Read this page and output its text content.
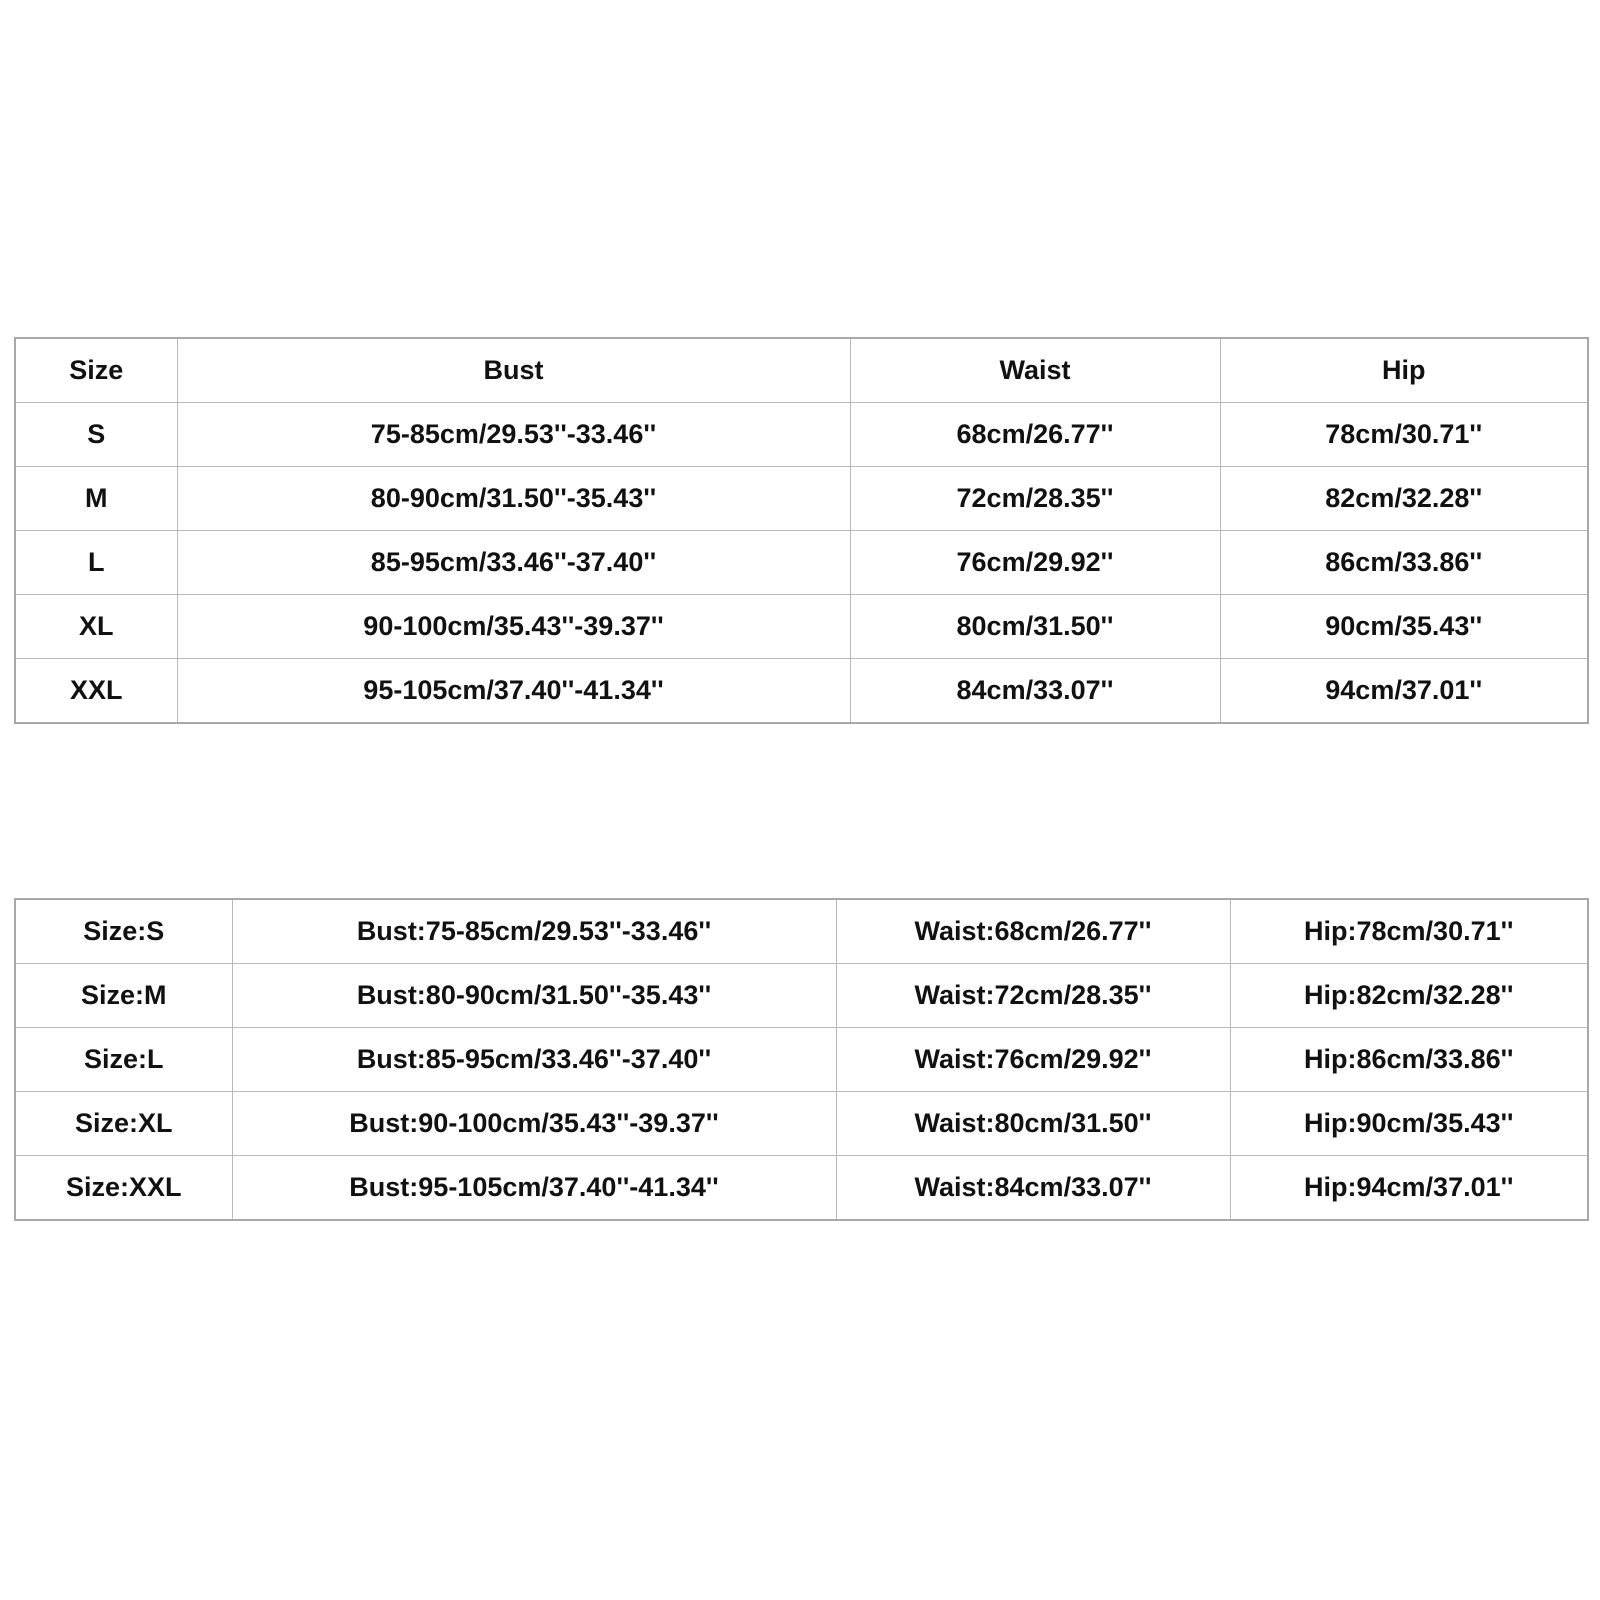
Size	Bust	Waist	Hip
S	75-85cm/29.53''-33.46''	68cm/26.77''	78cm/30.71''
M	80-90cm/31.50''-35.43''	72cm/28.35''	82cm/32.28''
L	85-95cm/33.46''-37.40''	76cm/29.92''	86cm/33.86''
XL	90-100cm/35.43''-39.37''	80cm/31.50''	90cm/35.43''
XXL	95-105cm/37.40''-41.34''	84cm/33.07''	94cm/37.01''
Size:S	Bust:75-85cm/29.53''-33.46''	Waist:68cm/26.77''	Hip:78cm/30.71''
Size:M	Bust:80-90cm/31.50''-35.43''	Waist:72cm/28.35''	Hip:82cm/32.28''
Size:L	Bust:85-95cm/33.46''-37.40''	Waist:76cm/29.92''	Hip:86cm/33.86''
Size:XL	Bust:90-100cm/35.43''-39.37''	Waist:80cm/31.50''	Hip:90cm/35.43''
Size:XXL	Bust:95-105cm/37.40''-41.34''	Waist:84cm/33.07''	Hip:94cm/37.01''
